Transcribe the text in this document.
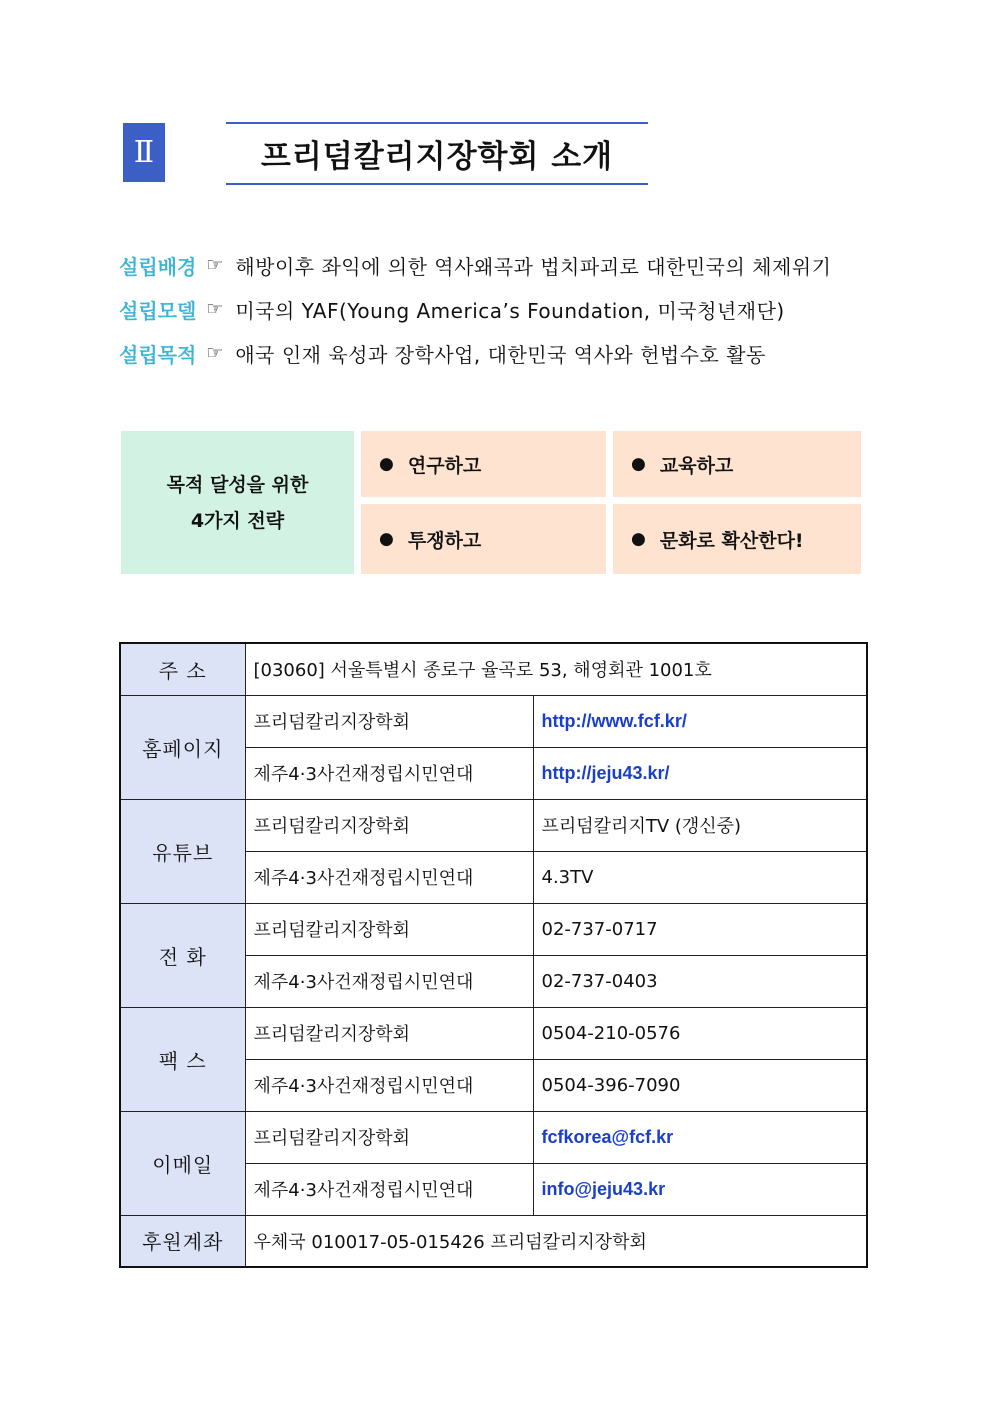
Ⅱ	프리덤칼리지장학회 소개
설립배경 ☞ 해방이후 좌익에 의한 역사왜곡과 법치파괴로 대한민국의 체제위기
설립모델 ☞ 미국의 YAF(Young America’s Foundation, 미국청년재단)
설립목적 ☞ 애국 인재 육성과 장학사업, 대한민국 역사와 헌법수호 활동
목적 달성을 위한
4가지 전략
● 연구하고	● 교육하고
● 투쟁하고	● 문화로 확산한다!
주 소	[03060] 서울특별시 종로구 율곡로 53, 해영회관 1001호	
홈페이지	프리덤칼리지장학회	http://www.fcf.kr/
	제주4·3사건재정립시민연대	http://jeju43.kr/
유튜브	프리덤칼리지장학회	프리덤칼리지TV (갱신중)
	제주4·3사건재정립시민연대	4.3TV
전 화	프리덤칼리지장학회	02-737-0717
	제주4·3사건재정립시민연대	02-737-0403
팩 스	프리덤칼리지장학회	0504-210-0576
	제주4·3사건재정립시민연대	0504-396-7090
이메일	프리덤칼리지장학회	fcfkorea@fcf.kr
	제주4·3사건재정립시민연대	info@jeju43.kr
후원계좌	우체국 010017-05-015426 프리덤칼리지장학회	
